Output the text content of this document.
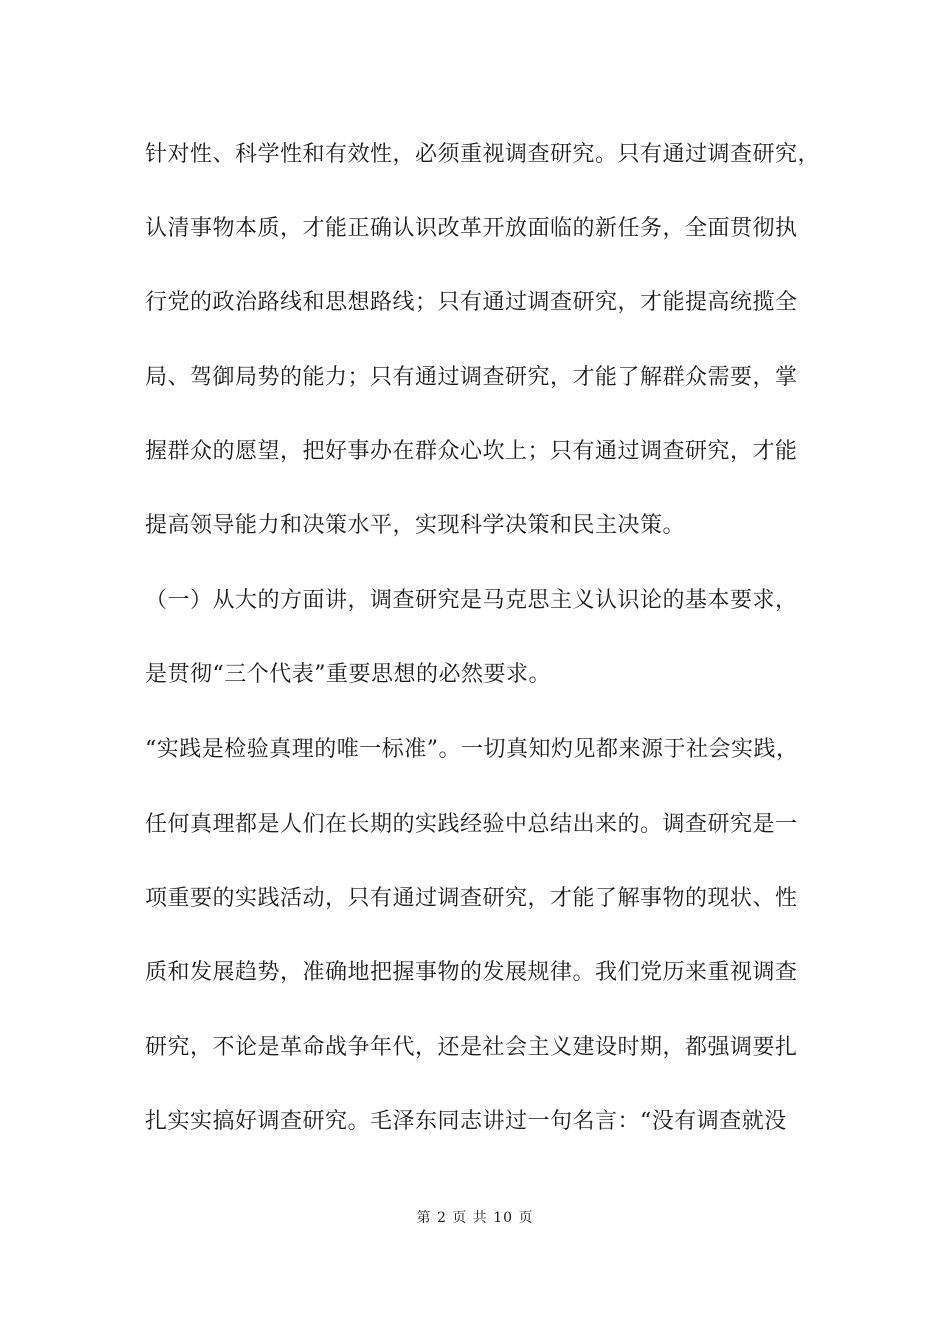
针对性、科学性和有效性，必须重视调查研究。只有通过调查研究，
认清事物本质，才能正确认识改革开放面临的新任务，全面贯彻执
行党的政治路线和思想路线；只有通过调查研究，才能提高统揽全
局、驾御局势的能力；只有通过调查研究，才能了解群众需要，掌
握群众的愿望，把好事办在群众心坎上；只有通过调查研究，才能
提高领导能力和决策水平，实现科学决策和民主决策。
（一）从大的方面讲，调查研究是马克思主义认识论的基本要求，
是贯彻“三个代表”重要思想的必然要求。
“实践是检验真理的唯一标准”。一切真知灼见都来源于社会实践，
任何真理都是人们在长期的实践经验中总结出来的。调查研究是一
项重要的实践活动，只有通过调查研究，才能了解事物的现状、性
质和发展趋势，准确地把握事物的发展规律。我们党历来重视调查
研究，不论是革命战争年代，还是社会主义建设时期，都强调要扎
扎实实搞好调查研究。毛泽东同志讲过一句名言：“没有调查就没
第 2 页 共 10 页
